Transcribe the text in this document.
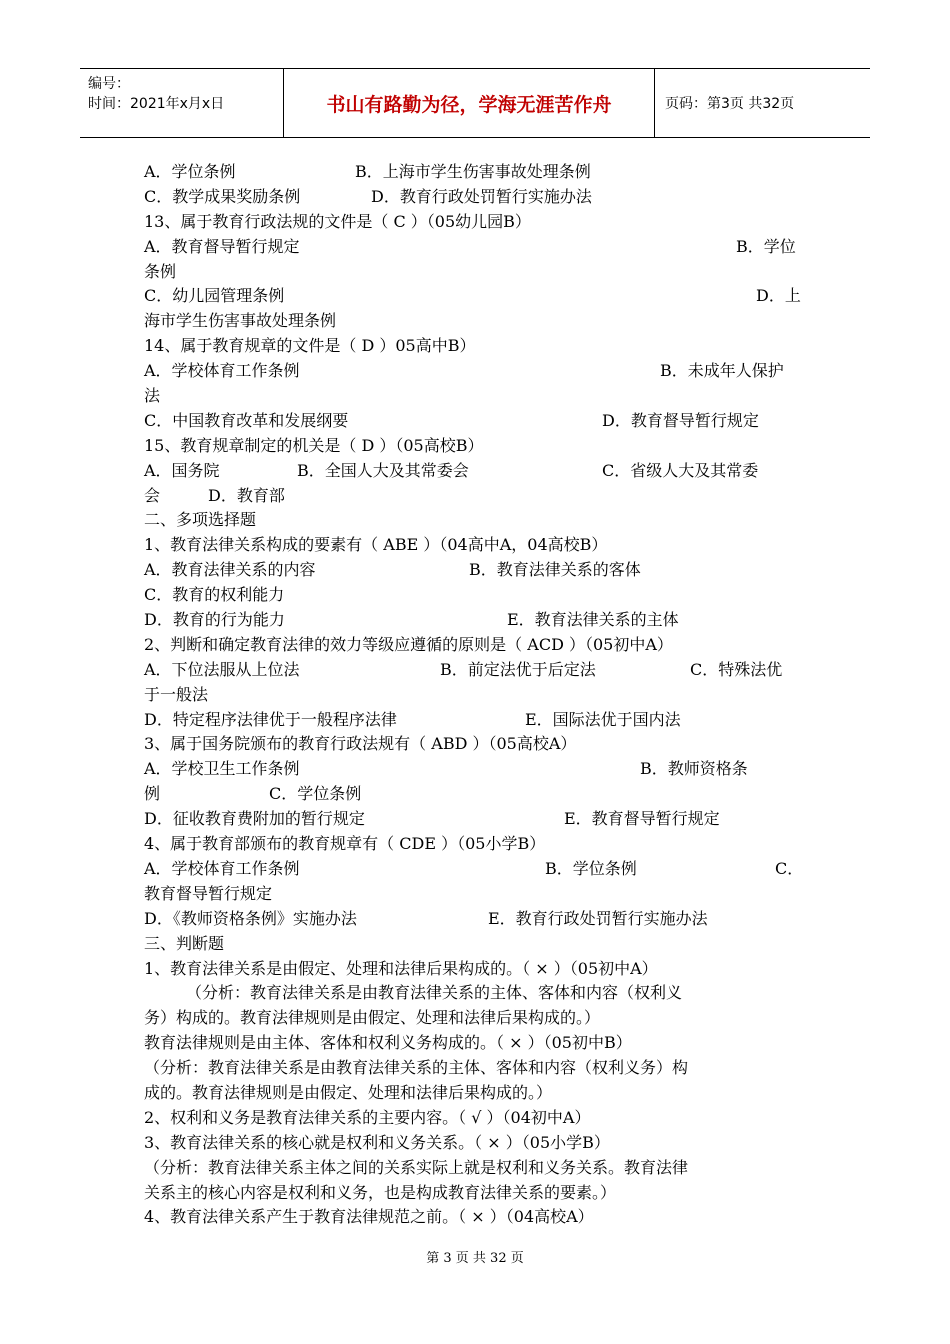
编号：
时间：2021年x月x日	书山有路勤为径，学海无涯苦作舟	页码：第3页 共32页
A．学位条例	B．上海市学生伤害事故处理条例
C．教学成果奖励条例	D．教育行政处罚暂行实施办法
13、属于教育行政法规的文件是（ C ）（05幼儿园B）
A．教育督导暂行规定	B．学位
条例
C．幼儿园管理条例	D．上
海市学生伤害事故处理条例
14、属于教育规章的文件是（ D ）05高中B）
A．学校体育工作条例	B．未成年人保护
法
C．中国教育改革和发展纲要	D．教育督导暂行规定
15、教育规章制定的机关是（ D ）（05高校B）
A．国务院	B．全国人大及其常委会	C．省级人大及其常委
会	D．教育部
二、多项选择题
1、教育法律关系构成的要素有（ ABE ）（04高中A，04高校B）
A．教育法律关系的内容	B．教育法律关系的客体
C．教育的权利能力
D．教育的行为能力	E．教育法律关系的主体
2、判断和确定教育法律的效力等级应遵循的原则是（ ACD ）（05初中A）
A．下位法服从上位法	B．前定法优于后定法	C．特殊法优
于一般法
D．特定程序法律优于一般程序法律	E．国际法优于国内法
3、属于国务院颁布的教育行政法规有（ ABD ）（05高校A）
A．学校卫生工作条例	B．教师资格条
例	C．学位条例
D．征收教育费附加的暂行规定	E．教育督导暂行规定
4、属于教育部颁布的教育规章有（ CDE ）（05小学B）
A．学校体育工作条例	B．学位条例	C．
教育督导暂行规定
D．《教师资格条例》实施办法	E．教育行政处罚暂行实施办法
三、判断题
1、教育法律关系是由假定、处理和法律后果构成的。（ × ）（05初中A）
（分析：教育法律关系是由教育法律关系的主体、客体和内容（权利义
务）构成的。教育法律规则是由假定、处理和法律后果构成的。）
教育法律规则是由主体、客体和权利义务构成的。（ × ）（05初中B）
（分析：教育法律关系是由教育法律关系的主体、客体和内容（权利义务）构
成的。教育法律规则是由假定、处理和法律后果构成的。）
2、权利和义务是教育法律关系的主要内容。（ √ ）（04初中A）
3、教育法律关系的核心就是权利和义务关系。（ × ）（05小学B）
（分析：教育法律关系主体之间的关系实际上就是权利和义务关系。教育法律
关系主的核心内容是权利和义务，也是构成教育法律关系的要素。）
4、教育法律关系产生于教育法律规范之前。（ × ）（04高校A）
第 3 页 共 32 页
